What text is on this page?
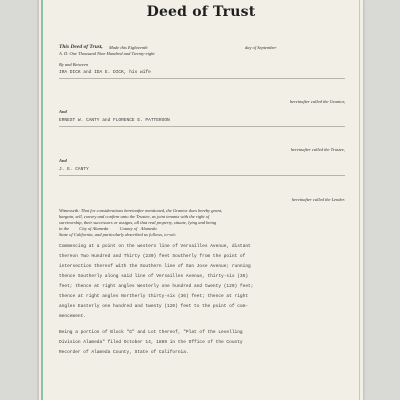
Deed of Trust
This Deed of Trust, Made this Eighteenth	day of September
A. D. One Thousand Nine Hundred and Twenty-eight
By and Between
IRA DICK and IDA E. DICK, his wife
hereinafter called the Grantor,
And
ERNEST W. CANTY and FLORENCE E. PATTERSON
hereinafter called the Trustee,
And
J. E. CANTY
hereinafter called the Lender.
Witnesseth: That for considerations hereinafter mentioned, the Grantor does hereby grant,
bargain, sell, convey and confirm unto the Trustee, as joint tenants with the right of
survivorship, their successors or assigns, all that real property, situate, lying and being
in the         City of Alameda          County of   Alameda
State of California, and particularly described as follows, to-wit:
Commencing at a point on the western line of Versailles Avenue, distant
thereon Two Hundred and Thirty (230) feet Southerly from the point of
intersection thereof with the Southern line of San Jose Avenue; running
thence Southerly along said line of Versailles Avenue, thirty-six (36)
feet; thence at right angles Westerly one hundred and twenty (120) feet;
thence at right angles Northerly thirty-six (36) feet; thence at right
angles Easterly one hundred and twenty (120) feet to the point of com-
mencement.
Being a portion of Block "G" and Lot thereof, "Plat of the Levelling
Division Alameda" filed October 14, 1889 in the Office of the County
Recorder of Alameda County, State of California.
